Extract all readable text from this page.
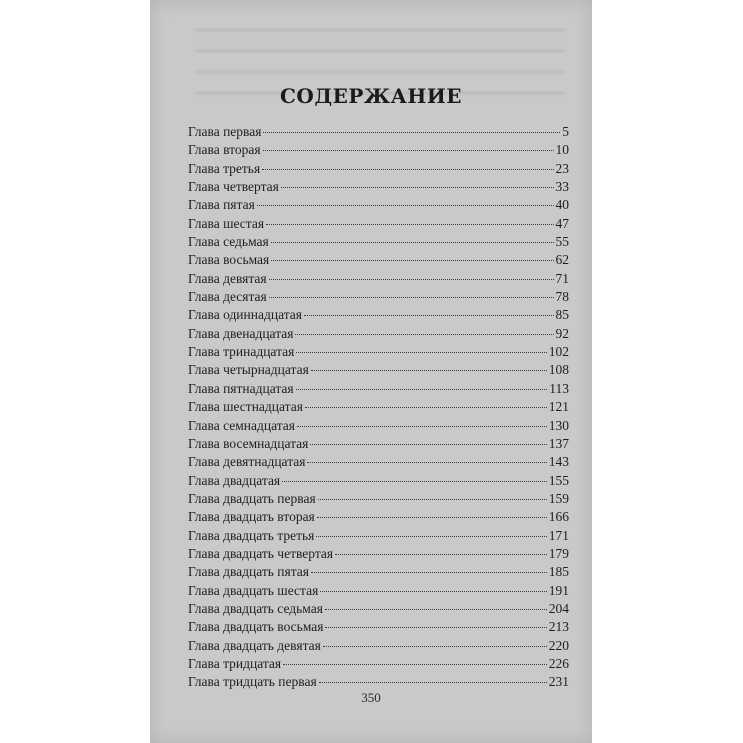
СОДЕРЖАНИЕ
Глава первая	5
Глава вторая	10
Глава третья	23
Глава четвертая	33
Глава пятая	40
Глава шестая	47
Глава седьмая	55
Глава восьмая	62
Глава девятая	71
Глава десятая	78
Глава одиннадцатая	85
Глава двенадцатая	92
Глава тринадцатая	102
Глава четырнадцатая	108
Глава пятнадцатая	113
Глава шестнадцатая	121
Глава семнадцатая	130
Глава восемнадцатая	137
Глава девятнадцатая	143
Глава двадцатая	155
Глава двадцать первая	159
Глава двадцать вторая	166
Глава двадцать третья	171
Глава двадцать четвертая	179
Глава двадцать пятая	185
Глава двадцать шестая	191
Глава двадцать седьмая	204
Глава двадцать восьмая	213
Глава двадцать девятая	220
Глава тридцатая	226
Глава тридцать первая	231
350
